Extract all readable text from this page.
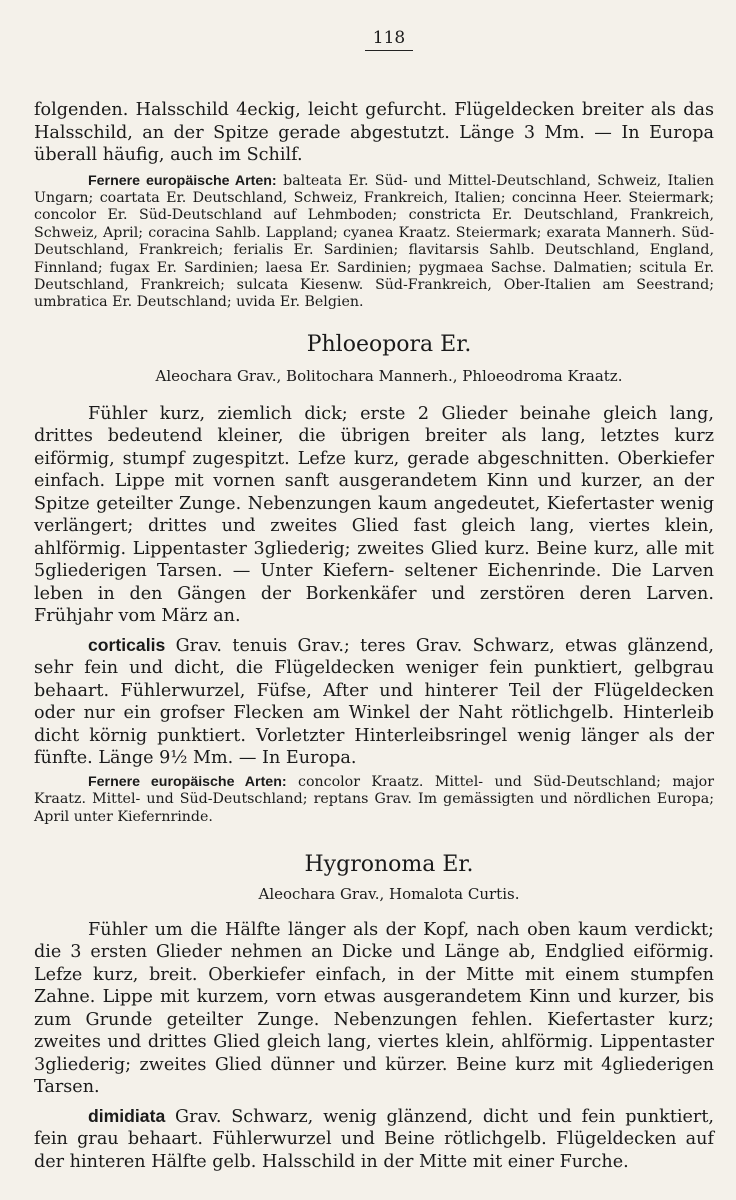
118

folgenden. Halsschild 4eckig, leicht gefurcht. Flügeldecken breiter als das Halsschild, an der Spitze gerade abgestutzt. Länge 3 Mm. — In Europa überall häufig, auch im Schilf.

Fernere europäische Arten: balteata Er. Süd- und Mittel-Deutschland, Schweiz, Italien Ungarn; coartata Er. Deutschland, Schweiz, Frankreich, Italien; concinna Heer. Steiermark; concolor Er. Süd-Deutschland auf Lehmboden; constricta Er. Deutschland, Frankreich, Schweiz, April; coracina Sahlb. Lappland; cyanea Kraatz. Steiermark; exarata Mannerh. Süd-Deutschland, Frankreich; ferialis Er. Sardinien; flavitarsis Sahlb. Deutschland, England, Finnland; fugax Er. Sardinien; laesa Er. Sardinien; pygmaea Sachse. Dalmatien; scitula Er. Deutschland, Frankreich; sulcata Kiesenw. Süd-Frankreich, Ober-Italien am Seestrand; umbratica Er. Deutschland; uvida Er. Belgien.

Phloeopora Er.
Aleochara Grav., Bolitochara Mannerh., Phloeodroma Kraatz.

Fühler kurz, ziemlich dick; erste 2 Glieder beinahe gleich lang, drittes bedeutend kleiner, die übrigen breiter als lang, letztes kurz eiförmig, stumpf zugespitzt. Lefze kurz, gerade abgeschnitten. Oberkiefer einfach. Lippe mit vornen sanft ausgerandetem Kinn und kurzer, an der Spitze geteilter Zunge. Nebenzungen kaum angedeutet, Kiefertaster wenig verlängert; drittes und zweites Glied fast gleich lang, viertes klein, ahlförmig. Lippentaster 3gliederig; zweites Glied kurz. Beine kurz, alle mit 5gliederigen Tarsen. — Unter Kiefern- seltener Eichenrinde. Die Larven leben in den Gängen der Borkenkäfer und zerstören deren Larven. Frühjahr vom März an.

corticalis Grav. tenuis Grav.; teres Grav. Schwarz, etwas glänzend, sehr fein und dicht, die Flügeldecken weniger fein punktiert, gelbgrau behaart. Fühlerwurzel, Füfse, After und hinterer Teil der Flügeldecken oder nur ein grofser Flecken am Winkel der Naht rötlichgelb. Hinterleib dicht körnig punktiert. Vorletzter Hinterleibsringel wenig länger als der fünfte. Länge 9½ Mm. — In Europa.

Fernere europäische Arten: concolor Kraatz. Mittel- und Süd-Deutschland; major Kraatz. Mittel- und Süd-Deutschland; reptans Grav. Im gemässigten und nördlichen Europa; April unter Kiefernrinde.

Hygronoma Er.
Aleochara Grav., Homalota Curtis.

Fühler um die Hälfte länger als der Kopf, nach oben kaum verdickt; die 3 ersten Glieder nehmen an Dicke und Länge ab, Endglied eiförmig. Lefze kurz, breit. Oberkiefer einfach, in der Mitte mit einem stumpfen Zahne. Lippe mit kurzem, vorn etwas ausgerandetem Kinn und kurzer, bis zum Grunde geteilter Zunge. Nebenzungen fehlen. Kiefertaster kurz; zweites und drittes Glied gleich lang, viertes klein, ahlförmig. Lippentaster 3gliederig; zweites Glied dünner und kürzer. Beine kurz mit 4gliederigen Tarsen.

dimidiata Grav. Schwarz, wenig glänzend, dicht und fein punktiert, fein grau behaart. Fühlerwurzel und Beine rötlichgelb. Flügeldecken auf der hinteren Hälfte gelb. Halsschild in der Mitte mit einer Furche.
